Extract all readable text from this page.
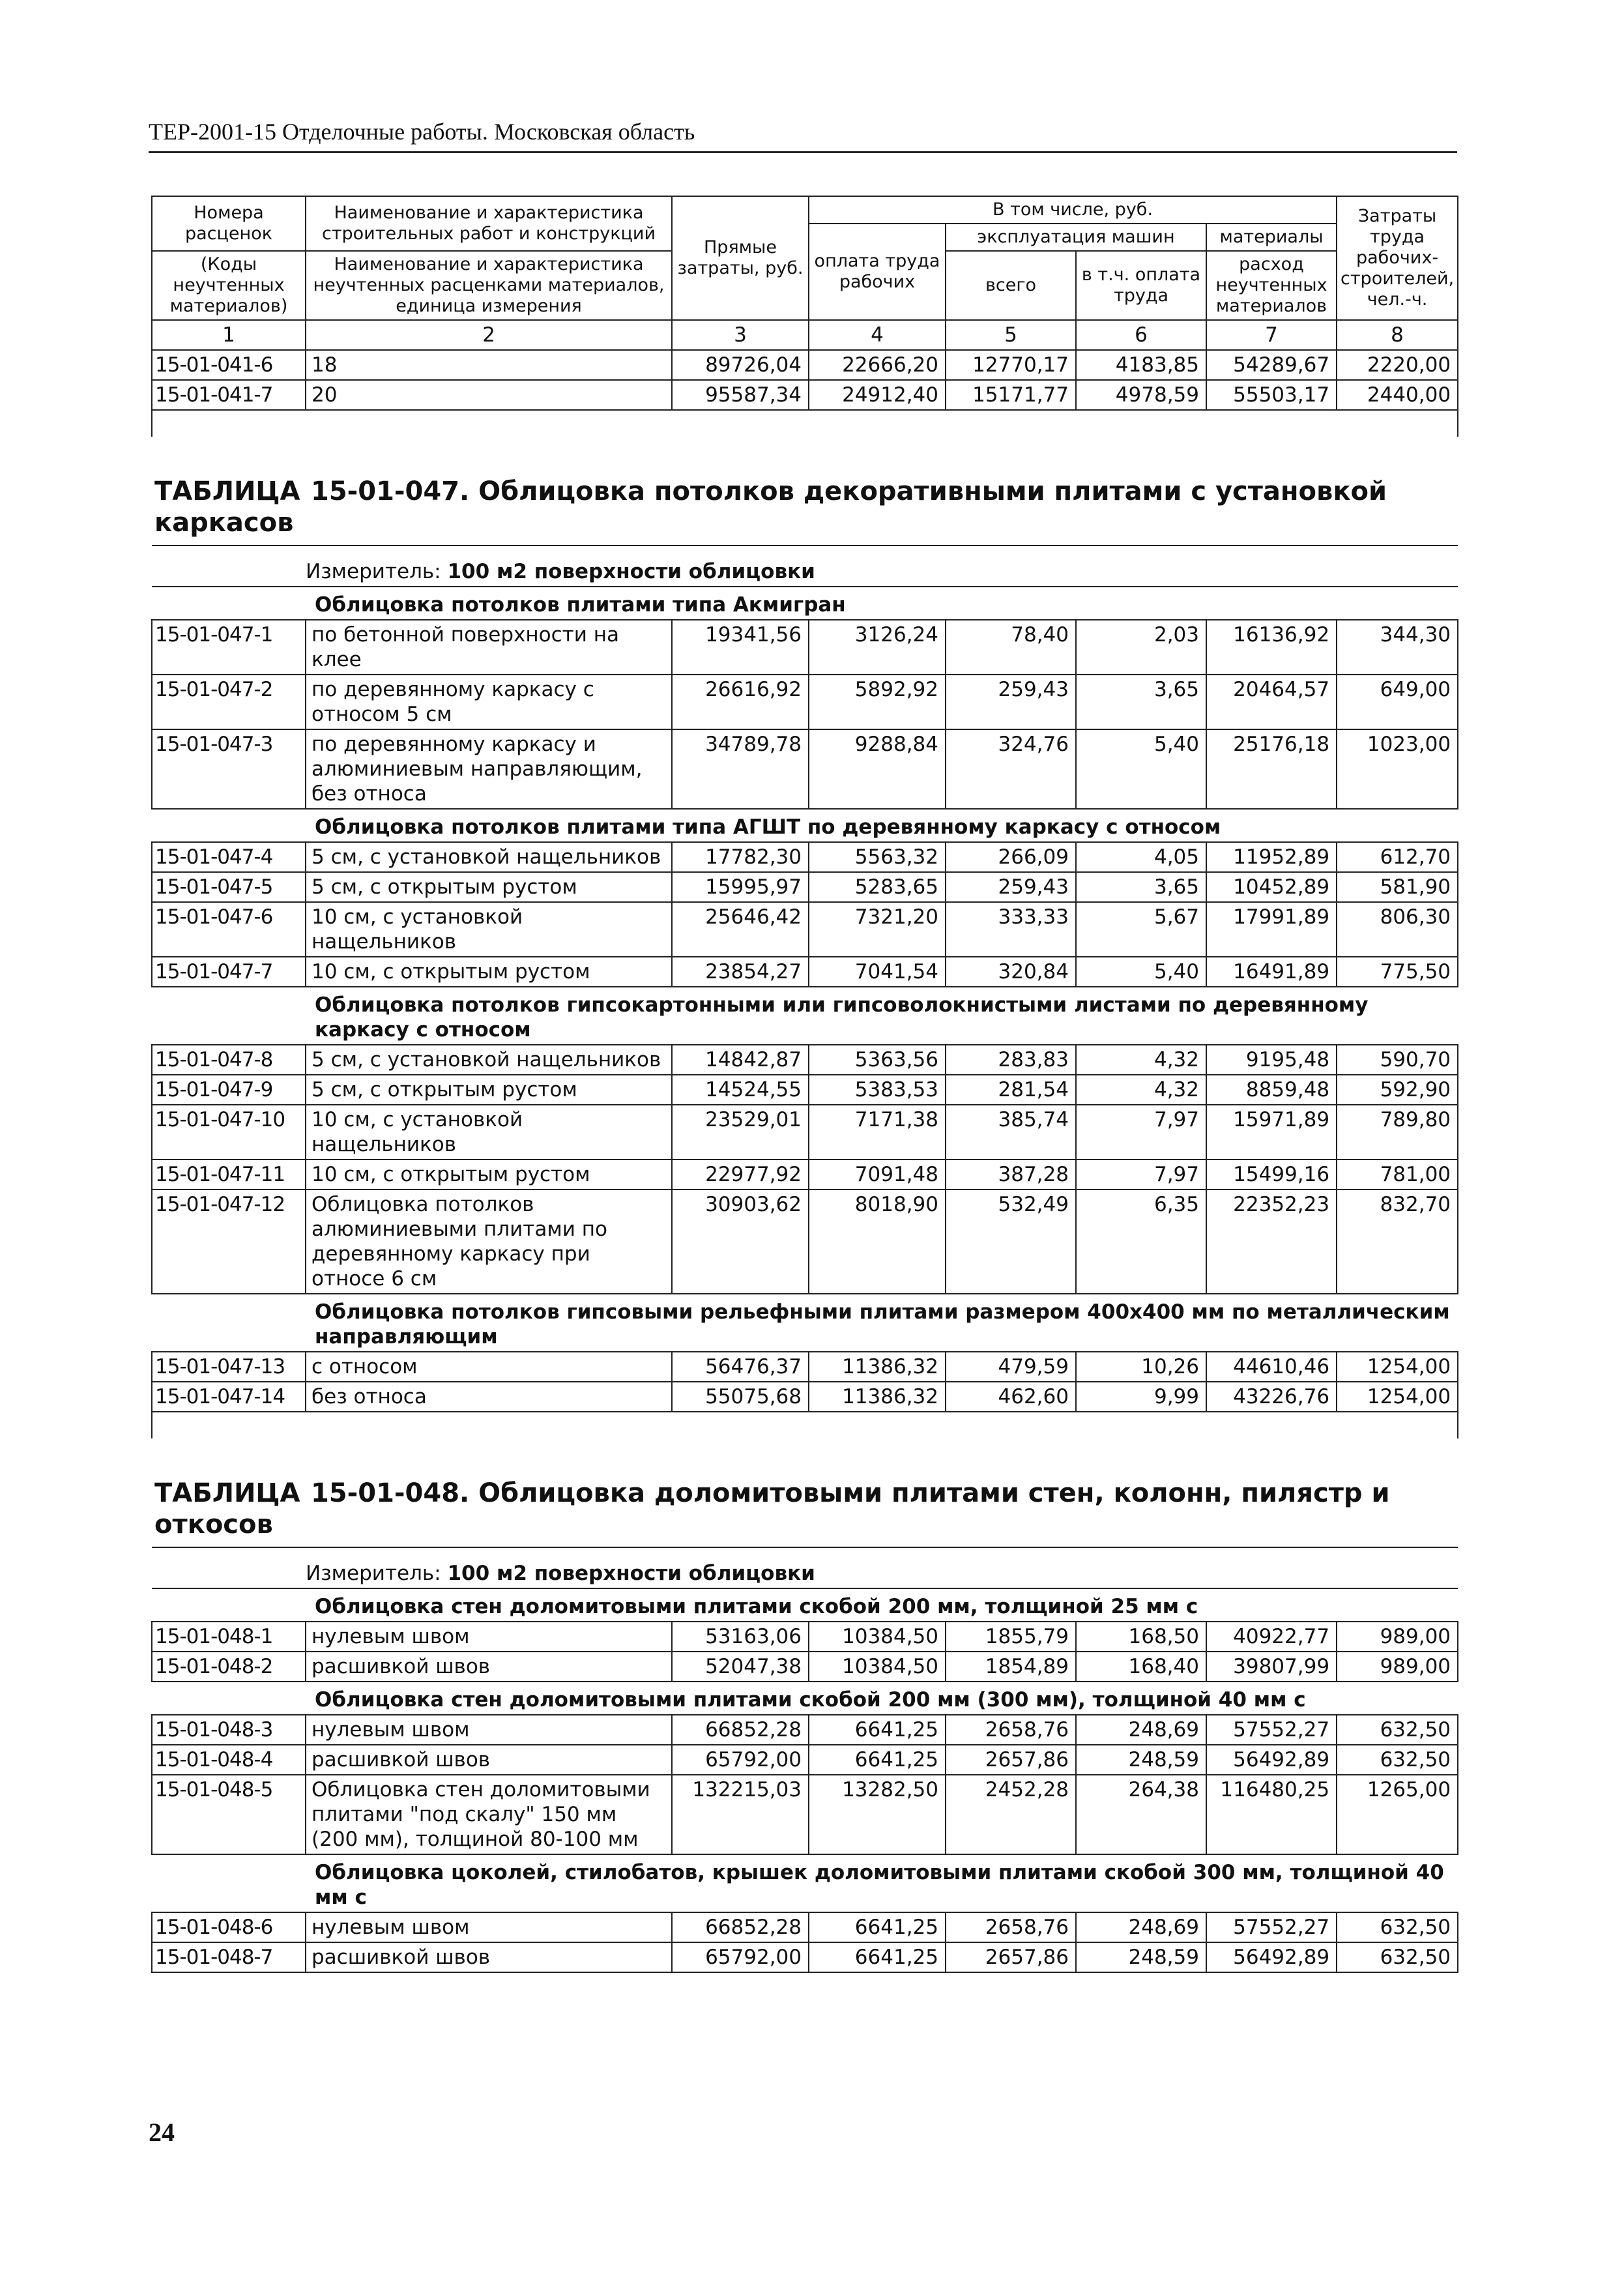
ТЕР-2001-15 Отделочные работы. Московская область
Номера расценок	Наименование и характеристика строительных работ и конструкций	Прямые затраты, руб.	В том числе, руб.				Затраты труда рабочих-строителей, чел.-ч.
			оплата труда рабочих	эксплуатация машин		материалы	
				всего	в т.ч. оплата труда	расход неучтенных материалов	
(Коды неучтенных материалов)	Наименование и характеристика неучтенных расценками материалов, единица измерения						

1	2	3	4	5	6	7	8
15-01-041-6	18	89726,04	22666,20	12770,17	4183,85	54289,67	2220,00
15-01-041-7	20	95587,34	24912,40	15171,77	4978,59	55503,17	2440,00

ТАБЛИЦА 15-01-047. Облицовка потолков декоративными плитами с установкой каркасов							
Измеритель: 100 м2 поверхности облицовки							
Облицовка потолков плитами типа Акмигран							
15-01-047-1	по бетонной поверхности на клее	19341,56	3126,24	78,40	2,03	16136,92	344,30
15-01-047-2	по деревянному каркасу с относом 5 см	26616,92	5892,92	259,43	3,65	20464,57	649,00
15-01-047-3	по деревянному каркасу и алюминиевым направляющим, без относа	34789,78	9288,84	324,76	5,40	25176,18	1023,00
Облицовка потолков плитами типа АГШТ по деревянному каркасу с относом							
15-01-047-4	5 см, с установкой нащельников	17782,30	5563,32	266,09	4,05	11952,89	612,70
15-01-047-5	5 см, с открытым рустом	15995,97	5283,65	259,43	3,65	10452,89	581,90
15-01-047-6	10 см, с установкой нащельников	25646,42	7321,20	333,33	5,67	17991,89	806,30
15-01-047-7	10 см, с открытым рустом	23854,27	7041,54	320,84	5,40	16491,89	775,50
Облицовка потолков гипсокартонными или гипсоволокнистыми листами по деревянному каркасу с относом							
15-01-047-8	5 см, с установкой нащельников	14842,87	5363,56	283,83	4,32	9195,48	590,70
15-01-047-9	5 см, с открытым рустом	14524,55	5383,53	281,54	4,32	8859,48	592,90
15-01-047-10	10 см, с установкой нащельников	23529,01	7171,38	385,74	7,97	15971,89	789,80
15-01-047-11	10 см, с открытым рустом	22977,92	7091,48	387,28	7,97	15499,16	781,00
15-01-047-12	Облицовка потолков алюминиевыми плитами по деревянному каркасу при относе 6 см	30903,62	8018,90	532,49	6,35	22352,23	832,70
Облицовка потолков гипсовыми рельефными плитами размером 400х400 мм по металлическим направляющим							
15-01-047-13	с относом	56476,37	11386,32	479,59	10,26	44610,46	1254,00
15-01-047-14	без относа	55075,68	11386,32	462,60	9,99	43226,76	1254,00

ТАБЛИЦА 15-01-048. Облицовка доломитовыми плитами стен, колонн, пилястр и откосов							
Измеритель: 100 м2 поверхности облицовки							
Облицовка стен доломитовыми плитами скобой 200 мм, толщиной 25 мм с							
15-01-048-1	нулевым швом	53163,06	10384,50	1855,79	168,50	40922,77	989,00
15-01-048-2	расшивкой швов	52047,38	10384,50	1854,89	168,40	39807,99	989,00
Облицовка стен доломитовыми плитами скобой 200 мм (300 мм), толщиной 40 мм с							
15-01-048-3	нулевым швом	66852,28	6641,25	2658,76	248,69	57552,27	632,50
15-01-048-4	расшивкой швов	65792,00	6641,25	2657,86	248,59	56492,89	632,50
15-01-048-5	Облицовка стен доломитовыми плитами "под скалу" 150 мм (200 мм), толщиной 80-100 мм	132215,03	13282,50	2452,28	264,38	116480,25	1265,00
Облицовка цоколей, стилобатов, крышек доломитовыми плитами скобой 300 мм, толщиной 40 мм с							
15-01-048-6	нулевым швом	66852,28	6641,25	2658,76	248,69	57552,27	632,50
15-01-048-7	расшивкой швов	65792,00	6641,25	2657,86	248,59	56492,89	632,50
24
